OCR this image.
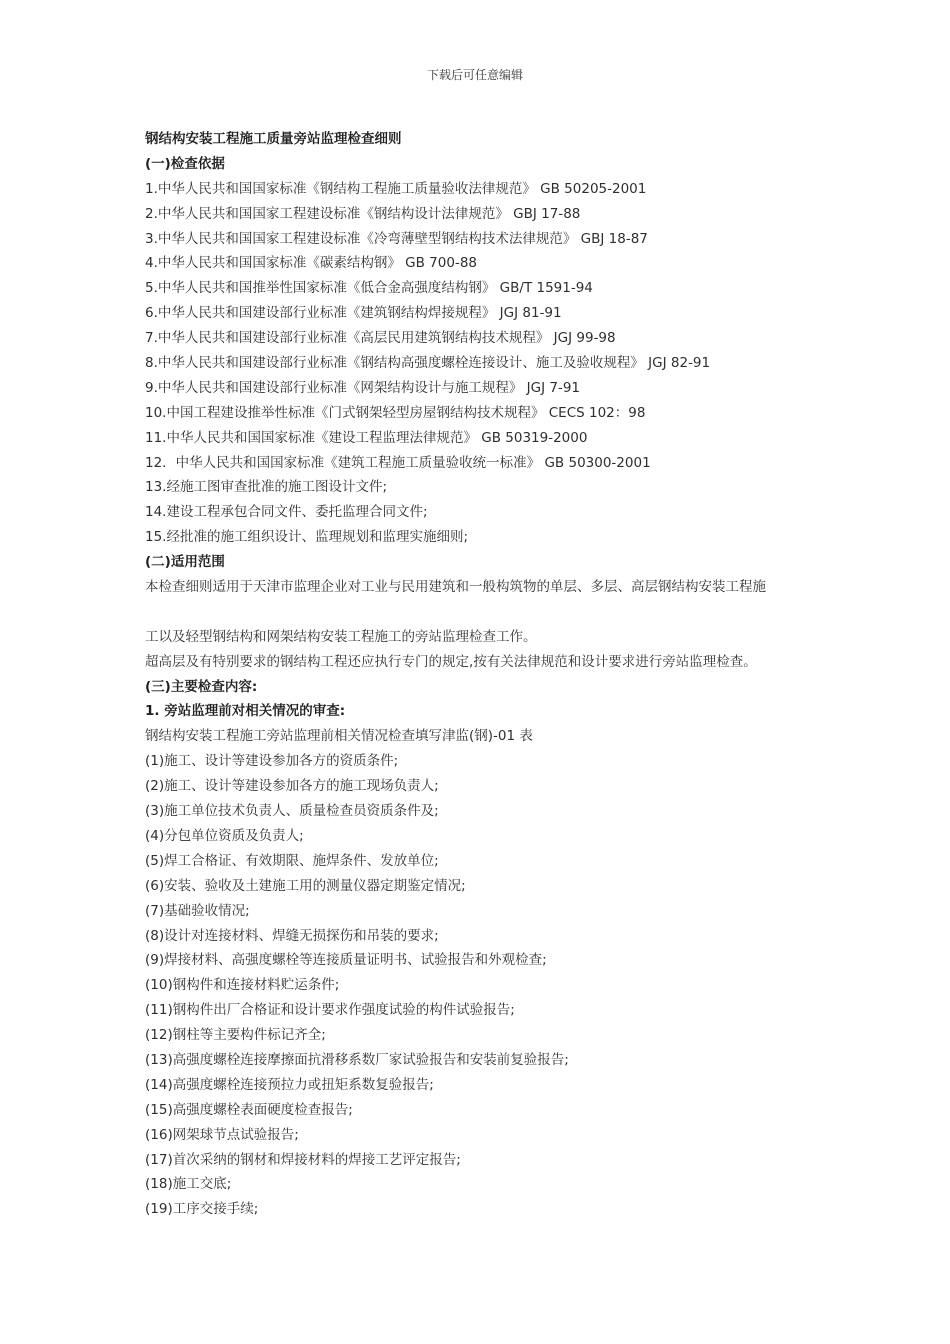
下载后可任意编辑
钢结构安装工程施工质量旁站监理检查细则
(一)检查依据
1.中华人民共和国国家标准《钢结构工程施工质量验收法律规范》 GB 50205-2001
2.中华人民共和国国家工程建设标准《钢结构设计法律规范》 GBJ 17-88
3.中华人民共和国国家工程建设标准《冷弯薄壁型钢结构技术法律规范》 GBJ 18-87
4.中华人民共和国国家标准《碳素结构钢》 GB 700-88
5.中华人民共和国推举性国家标准《低合金高强度结构钢》 GB/T 1591-94
6.中华人民共和国建设部行业标准《建筑钢结构焊接规程》 JGJ 81-91
7.中华人民共和国建设部行业标准《高层民用建筑钢结构技术规程》 JGJ 99-98
8.中华人民共和国建设部行业标准《钢结构高强度螺栓连接设计、施工及验收规程》 JGJ 82-91
9.中华人民共和国建设部行业标准《网架结构设计与施工规程》 JGJ 7-91
10.中国工程建设推举性标准《门式钢架轻型房屋钢结构技术规程》 CECS 102：98
11.中华人民共和国国家标准《建设工程监理法律规范》 GB 50319-2000
12．中华人民共和国国家标准《建筑工程施工质量验收统一标准》 GB 50300-2001
13.经施工图审查批准的施工图设计文件;
14.建设工程承包合同文件、委托监理合同文件;
15.经批准的施工组织设计、监理规划和监理实施细则;
(二)适用范围
本检查细则适用于天津市监理企业对工业与民用建筑和一般构筑物的单层、多层、高层钢结构安装工程施
工以及轻型钢结构和网架结构安装工程施工的旁站监理检查工作。
超高层及有特别要求的钢结构工程还应执行专门的规定,按有关法律规范和设计要求进行旁站监理检查。
(三)主要检查内容:
1. 旁站监理前对相关情况的审查:
钢结构安装工程施工旁站监理前相关情况检查填写津监(钢)-01 表
(1)施工、设计等建设参加各方的资质条件;
(2)施工、设计等建设参加各方的施工现场负责人;
(3)施工单位技术负责人、质量检查员资质条件及;
(4)分包单位资质及负责人;
(5)焊工合格证、有效期限、施焊条件、发放单位;
(6)安装、验收及土建施工用的测量仪器定期鉴定情况;
(7)基础验收情况;
(8)设计对连接材料、焊缝无损探伤和吊装的要求;
(9)焊接材料、高强度螺栓等连接质量证明书、试验报告和外观检查;
(10)钢构件和连接材料贮运条件;
(11)钢构件出厂合格证和设计要求作强度试验的构件试验报告;
(12)钢柱等主要构件标记齐全;
(13)高强度螺栓连接摩擦面抗滑移系数厂家试验报告和安装前复验报告;
(14)高强度螺栓连接预拉力或扭矩系数复验报告;
(15)高强度螺栓表面硬度检查报告;
(16)网架球节点试验报告;
(17)首次采纳的钢材和焊接材料的焊接工艺评定报告;
(18)施工交底;
(19)工序交接手续;
